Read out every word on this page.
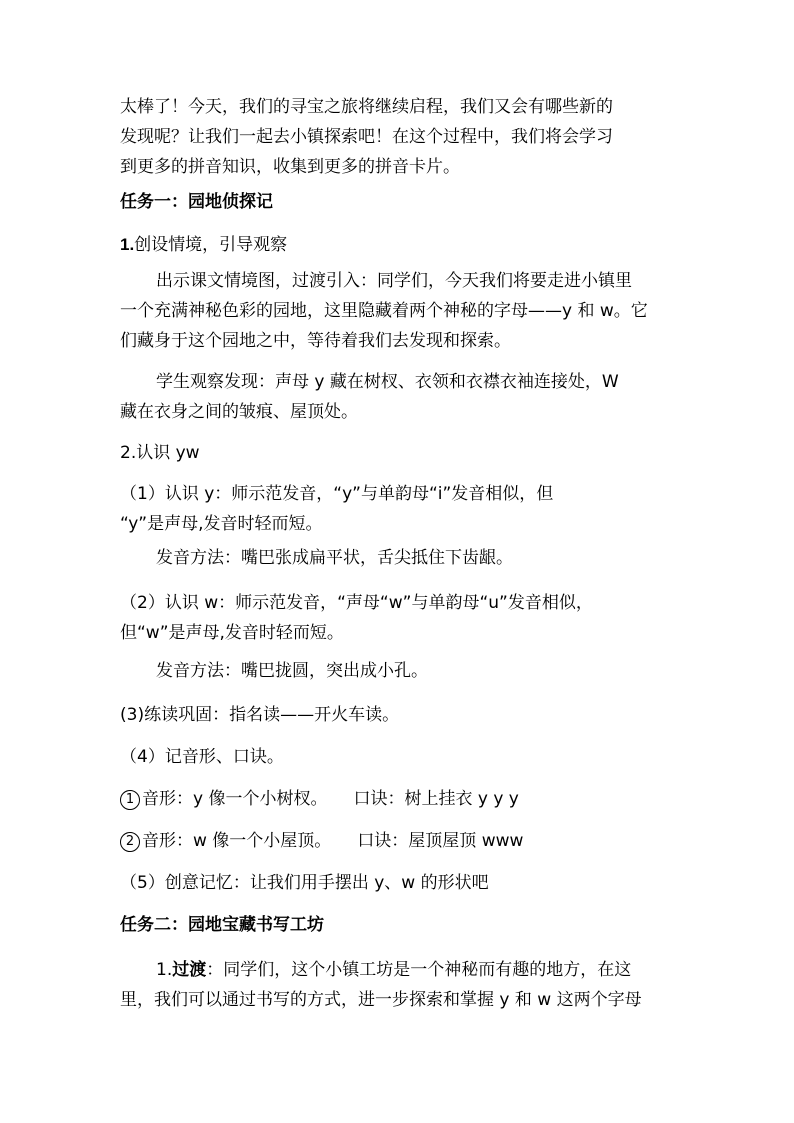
太棒了！今天，我们的寻宝之旅将继续启程，我们又会有哪些新的

发现呢？让我们一起去小镇探索吧！在这个过程中，我们将会学习

到更多的拼音知识，收集到更多的拼音卡片。

任务一：园地侦探记

1.创设情境，引导观察

出示课文情境图，过渡引入：同学们，今天我们将要走进小镇里

一个充满神秘色彩的园地，这里隐藏着两个神秘的字母——y 和 w。它

们藏身于这个园地之中，等待着我们去发现和探索。

学生观察发现：声母 y 藏在树杈、衣领和衣襟衣袖连接处，W

藏在衣身之间的皱痕、屋顶处。

2.认识 yw

（1）认识 y：师示范发音，“y”与单韵母“i”发音相似，但

“y”是声母,发音时轻而短。

发音方法：嘴巴张成扁平状，舌尖抵住下齿龈。

（2）认识 w：师示范发音，“声母“w”与单韵母“u”发音相似，

但“w”是声母,发音时轻而短。

发音方法：嘴巴拢圆，突出成小孔。

(3)练读巩固：指名读——开火车读。

（4）记音形、口诀。

1 音形：y 像一个小树杈。 口诀：树上挂衣 y y y

2 音形：w 像一个小屋顶。 口诀：屋顶屋顶 www

（5）创意记忆：让我们用手摆出 y、w 的形状吧

任务二：园地宝藏书写工坊

1.过渡：同学们，这个小镇工坊是一个神秘而有趣的地方，在这

里，我们可以通过书写的方式，进一步探索和掌握 y 和 w 这两个字母
